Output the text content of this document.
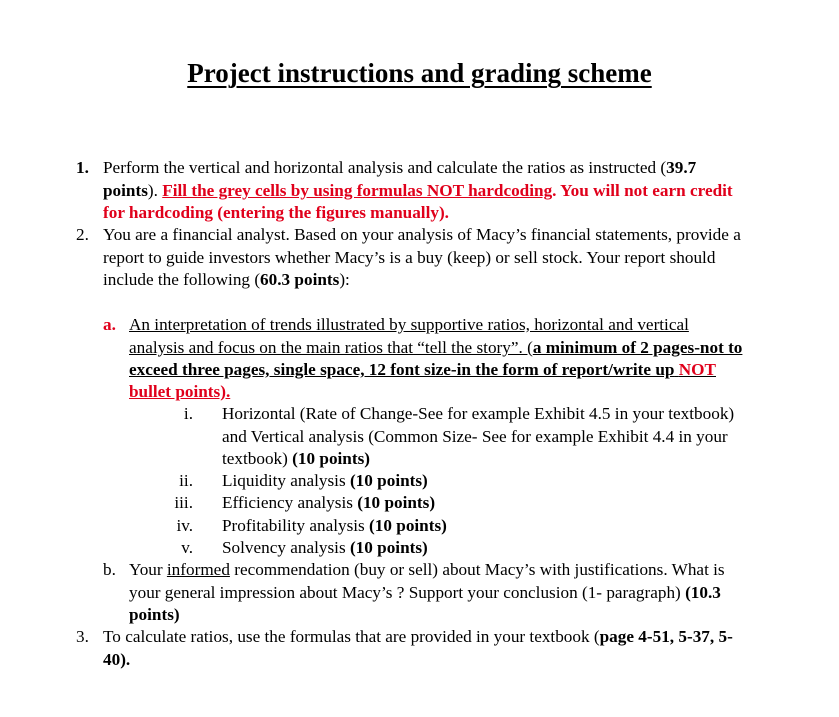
Project instructions and grading scheme
1. Perform the vertical and horizontal analysis and calculate the ratios as instructed (39.7
points). Fill the grey cells by using formulas NOT hardcoding. You will not earn credit
for hardcoding (entering the figures manually).
2. You are a financial analyst. Based on your analysis of Macy’s financial statements, provide a
report to guide investors whether Macy’s is a buy (keep) or sell stock. Your report should
include the following (60.3 points):
a. An interpretation of trends illustrated by supportive ratios, horizontal and vertical
analysis and focus on the main ratios that “tell the story”. (a minimum of 2 pages-not to
exceed three pages, single space, 12 font size-in the form of report/write up NOT
bullet points).
i. Horizontal (Rate of Change-See for example Exhibit 4.5 in your textbook)
and Vertical analysis (Common Size- See for example Exhibit 4.4 in your
textbook) (10 points)
ii. Liquidity analysis (10 points)
iii. Efficiency analysis (10 points)
iv. Profitability analysis (10 points)
v. Solvency analysis (10 points)
b. Your informed recommendation (buy or sell) about Macy’s with justifications. What is
your general impression about Macy’s ? Support your conclusion (1- paragraph) (10.3
points)
3. To calculate ratios, use the formulas that are provided in your textbook (page 4-51, 5-37, 5-
40).
